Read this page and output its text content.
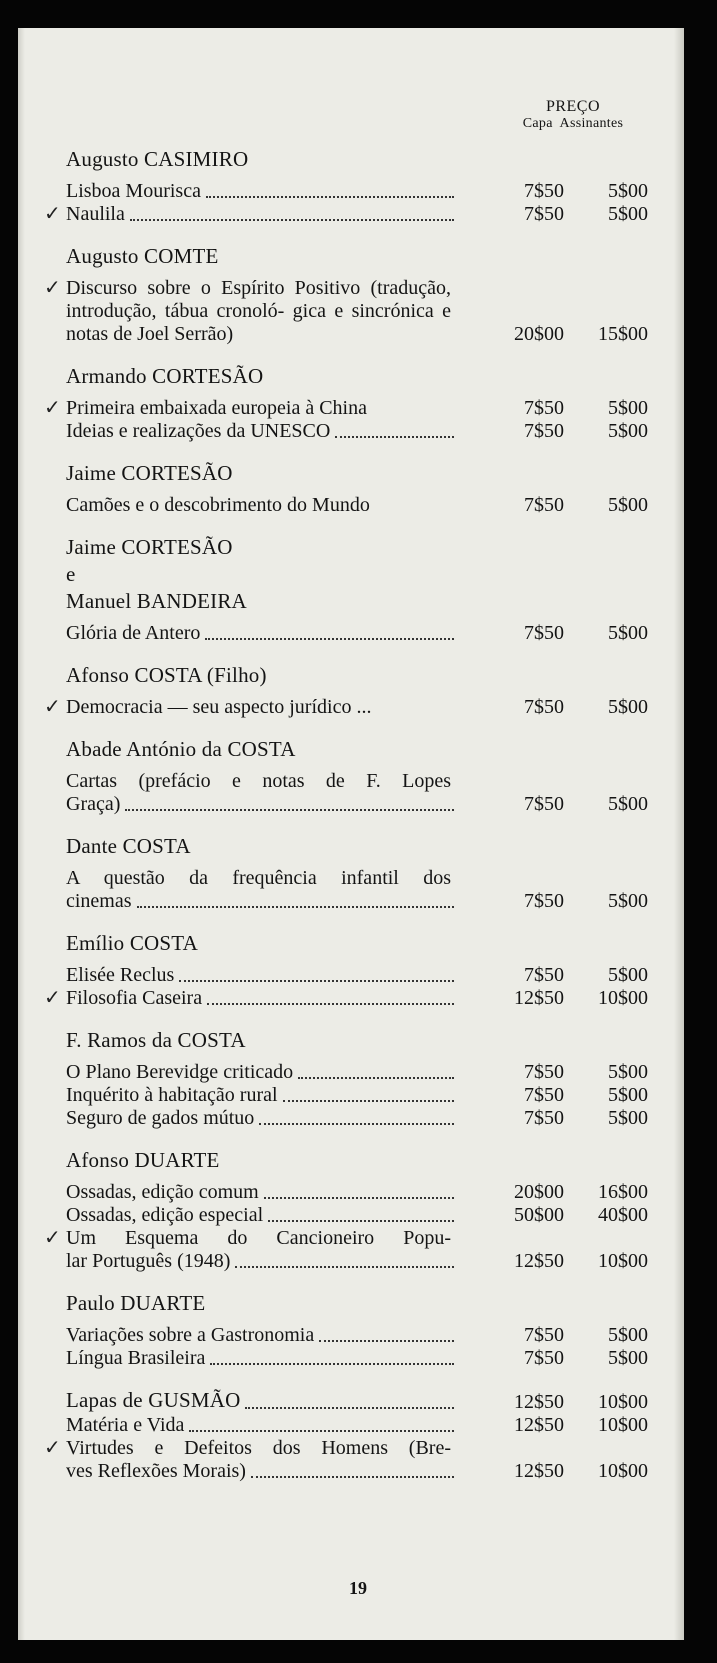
PREÇO
Capa  Assinantes
Augusto CASIMIRO
Lisboa Mourisca	7$50	5$00
✓ Naulila	7$50	5$00
Augusto COMTE
✓ Discurso sobre o Espírito Positivo (tradução, introdução, tábua cronoló- gica e sincrónica e notas de Joel Serrão)	20$00	15$00
Armando CORTESÃO
✓ Primeira embaixada europeia à China	7$50	5$00
Ideias e realizações da UNESCO	7$50	5$00
Jaime CORTESÃO
Camões e o descobrimento do Mundo	7$50	5$00
Jaime CORTESÃO
e
Manuel BANDEIRA
Glória de Antero	7$50	5$00
Afonso COSTA (Filho)
✓ Democracia — seu aspecto jurídico ...	7$50	5$00
Abade António da COSTA
Cartas (prefácio e notas de F. Lopes
Graça)	7$50	5$00
Dante COSTA
A questão da frequência infantil dos
cinemas	7$50	5$00
Emílio COSTA
Elisée Reclus	7$50	5$00
✓ Filosofia Caseira	12$50	10$00
F. Ramos da COSTA
O Plano Berevidge criticado	7$50	5$00
Inquérito à habitação rural	7$50	5$00
Seguro de gados mútuo	7$50	5$00
Afonso DUARTE
Ossadas, edição comum	20$00	16$00
Ossadas, edição especial	50$00	40$00
✓ Um Esquema do Cancioneiro Popu-
lar Português (1948)	12$50	10$00
Paulo DUARTE
Variações sobre a Gastronomia	7$50	5$00
Língua Brasileira	7$50	5$00
Lapas de GUSMÃO	12$50	10$00
Matéria e Vida	12$50	10$00
✓ Virtudes e Defeitos dos Homens (Bre-
ves Reflexões Morais)	12$50	10$00
19
